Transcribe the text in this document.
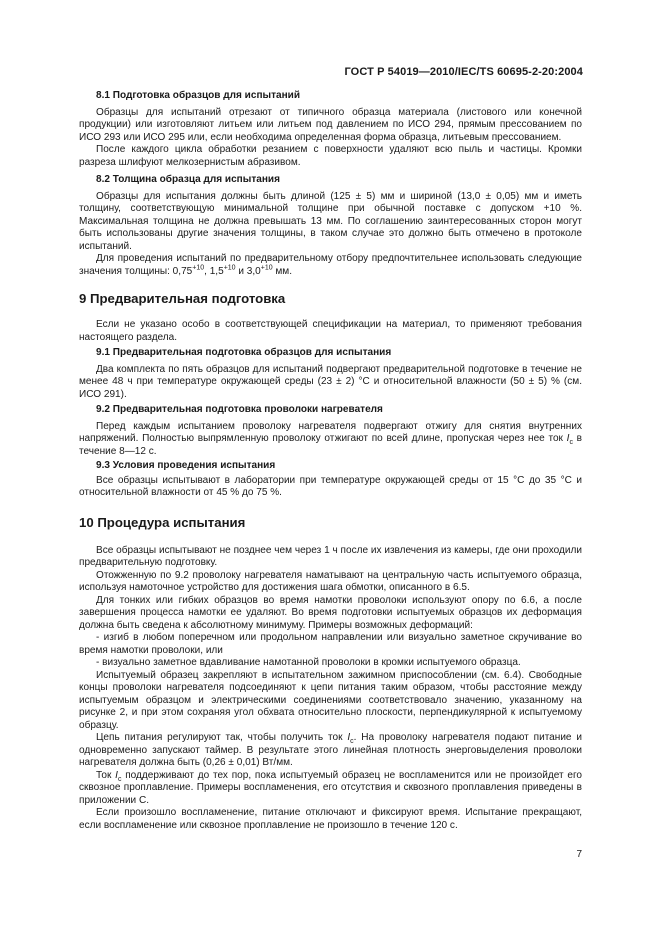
ГОСТ Р 54019—2010/IEC/TS 60695-2-20:2004
8.1 Подготовка образцов для испытаний

Образцы для испытаний отрезают от типичного образца материала (листового или конечной продукции) или изготовляют литьем или литьем под давлением по ИСО 294, прямым прессованием по ИСО 293 или ИСО 295 или, если необходима определенная форма образца, литьевым прессованием.

После каждого цикла обработки резанием с поверхности удаляют всю пыль и частицы. Кромки разреза шлифуют мелкозернистым абразивом.

8.2 Толщина образца для испытания

Образцы для испытания должны быть длиной (125 ± 5) мм и шириной (13,0 ± 0,05) мм и иметь толщину, соответствующую минимальной толщине при обычной поставке с допуском +10 %. Максимальная толщина не должна превышать 13 мм. По соглашению заинтересованных сторон могут быть использованы другие значения толщины, в таком случае это должно быть отмечено в протоколе испытаний.

Для проведения испытаний по предварительному отбору предпочтительнее использовать следующие значения толщины: $0,75^{+10}$, $1,5^{+10}$ и $3,0^{+10}$ мм.

9 Предварительная подготовка

Если не указано особо в соответствующей спецификации на материал, то применяют требования настоящего раздела.

9.1 Предварительная подготовка образцов для испытания

Два комплекта по пять образцов для испытаний подвергают предварительной подготовке в течение не менее 48 ч при температуре окружающей среды (23 ± 2) °С и относительной влажности (50 ± 5) % (см. ИСО 291).

9.2 Предварительная подготовка проволоки нагревателя

Перед каждым испытанием проволоку нагревателя подвергают отжигу для снятия внутренних напряжений. Полностью выпрямленную проволоку отжигают по всей длине, пропуская через нее ток $I_c$ в течение 8—12 с.

9.3 Условия проведения испытания

Все образцы испытывают в лаборатории при температуре окружающей среды от 15 °С до 35 °С и относительной влажности от 45 % до 75 %.

10 Процедура испытания

Все образцы испытывают не позднее чем через 1 ч после их извлечения из камеры, где они проходили предварительную подготовку.

Отожженную по 9.2 проволоку нагревателя наматывают на центральную часть испытуемого образца, используя намоточное устройство для достижения шага обмотки, описанного в 6.5.

Для тонких или гибких образцов во время намотки проволоки используют опору по 6.6, а после завершения процесса намотки ее удаляют. Во время подготовки испытуемых образцов их деформация должна быть сведена к абсолютному минимуму. Примеры возможных деформаций:

- изгиб в любом поперечном или продольном направлении или визуально заметное скручивание во время намотки проволоки, или

- визуально заметное вдавливание намотанной проволоки в кромки испытуемого образца.

Испытуемый образец закрепляют в испытательном зажимном приспособлении (см. 6.4). Свободные концы проволоки нагревателя подсоединяют к цепи питания таким образом, чтобы расстояние между испытуемым образцом и электрическими соединениями соответствовало значению, указанному на рисунке 2, и при этом сохраняя угол обхвата относительно плоскости, перпендикулярной к испытуемому образцу.

Цепь питания регулируют так, чтобы получить ток $I_c$. На проволоку нагревателя подают питание и одновременно запускают таймер. В результате этого линейная плотность энерговыделения проволоки нагревателя должна быть (0,26 ± 0,01) Вт/мм.

Ток $I_c$ поддерживают до тех пор, пока испытуемый образец не воспламенится или не произойдет его сквозное проплавление. Примеры воспламенения, его отсутствия и сквозного проплавления приведены в приложении С.

Если произошло воспламенение, питание отключают и фиксируют время. Испытание прекращают, если воспламенение или сквозное проплавление не произошло в течение 120 с.

7
